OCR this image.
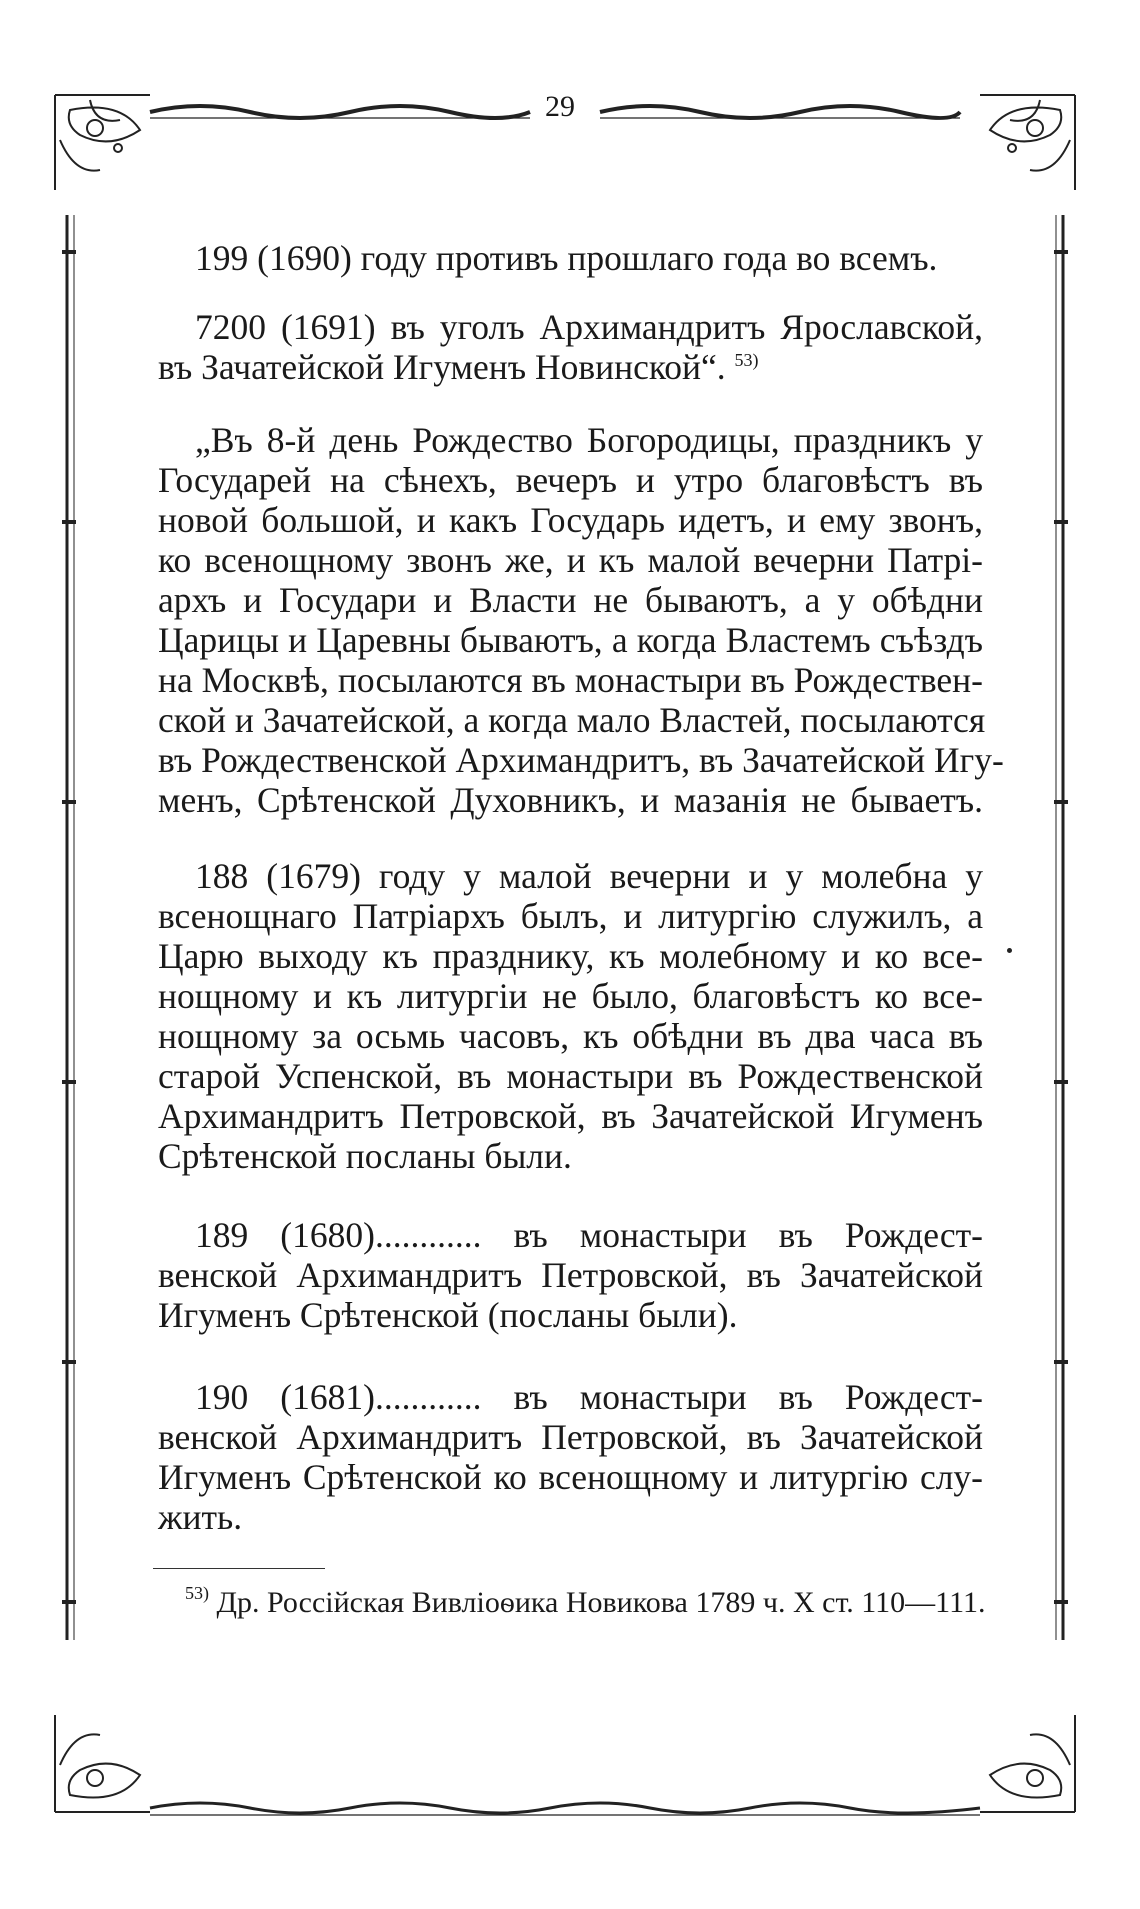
29
199 (1690) году противъ прошлаго года во всемъ.
7200 (1691) въ уголъ Архимандритъ Ярославской,
въ Зачатейской Игуменъ Новинской“. $^{53)}$
„Въ 8-й день Рождество Богородицы, праздникъ у
Государей на сѣнехъ, вечеръ и утро благовѣстъ въ
новой большой, и какъ Государь идетъ, и ему звонъ,
ко всенощному звонъ же, и къ малой вечерни Патрі-
архъ и Государи и Власти не бываютъ, а у обѣдни
Царицы и Царевны бываютъ, а когда Властемъ съѣздъ
на Москвѣ, посылаются въ монастыри въ Рождествен-
ской и Зачатейской, а когда мало Властей, посылаются
въ Рождественской Архимандритъ, въ Зачатейской Игу-
менъ, Срѣтенской Духовникъ, и мазанія не бываетъ.
188 (1679) году у малой вечерни и у молебна у
всенощнаго Патріархъ былъ, и литургію служилъ, а
Царю выходу къ празднику, къ молебному и ко все-
нощному и къ литургіи не было, благовѣстъ ко все-
нощному за осьмь часовъ, къ обѣдни въ два часа въ
старой Успенской, въ монастыри въ Рождественской
Архимандритъ Петровской, въ Зачатейской Игуменъ
Срѣтенской посланы были.
189 (1680)............ въ монастыри въ Рождест-
венской Архимандритъ Петровской, въ Зачатейской
Игуменъ Срѣтенской (посланы были).
190 (1681)............ въ монастыри въ Рождест-
венской Архимандритъ Петровской, въ Зачатейской
Игуменъ Срѣтенской ко всенощному и литургію слу-
жить.
$^{53)}$ Др. Россійская Вивліоѳика Новикова 1789 ч. X ст. 110—111.
